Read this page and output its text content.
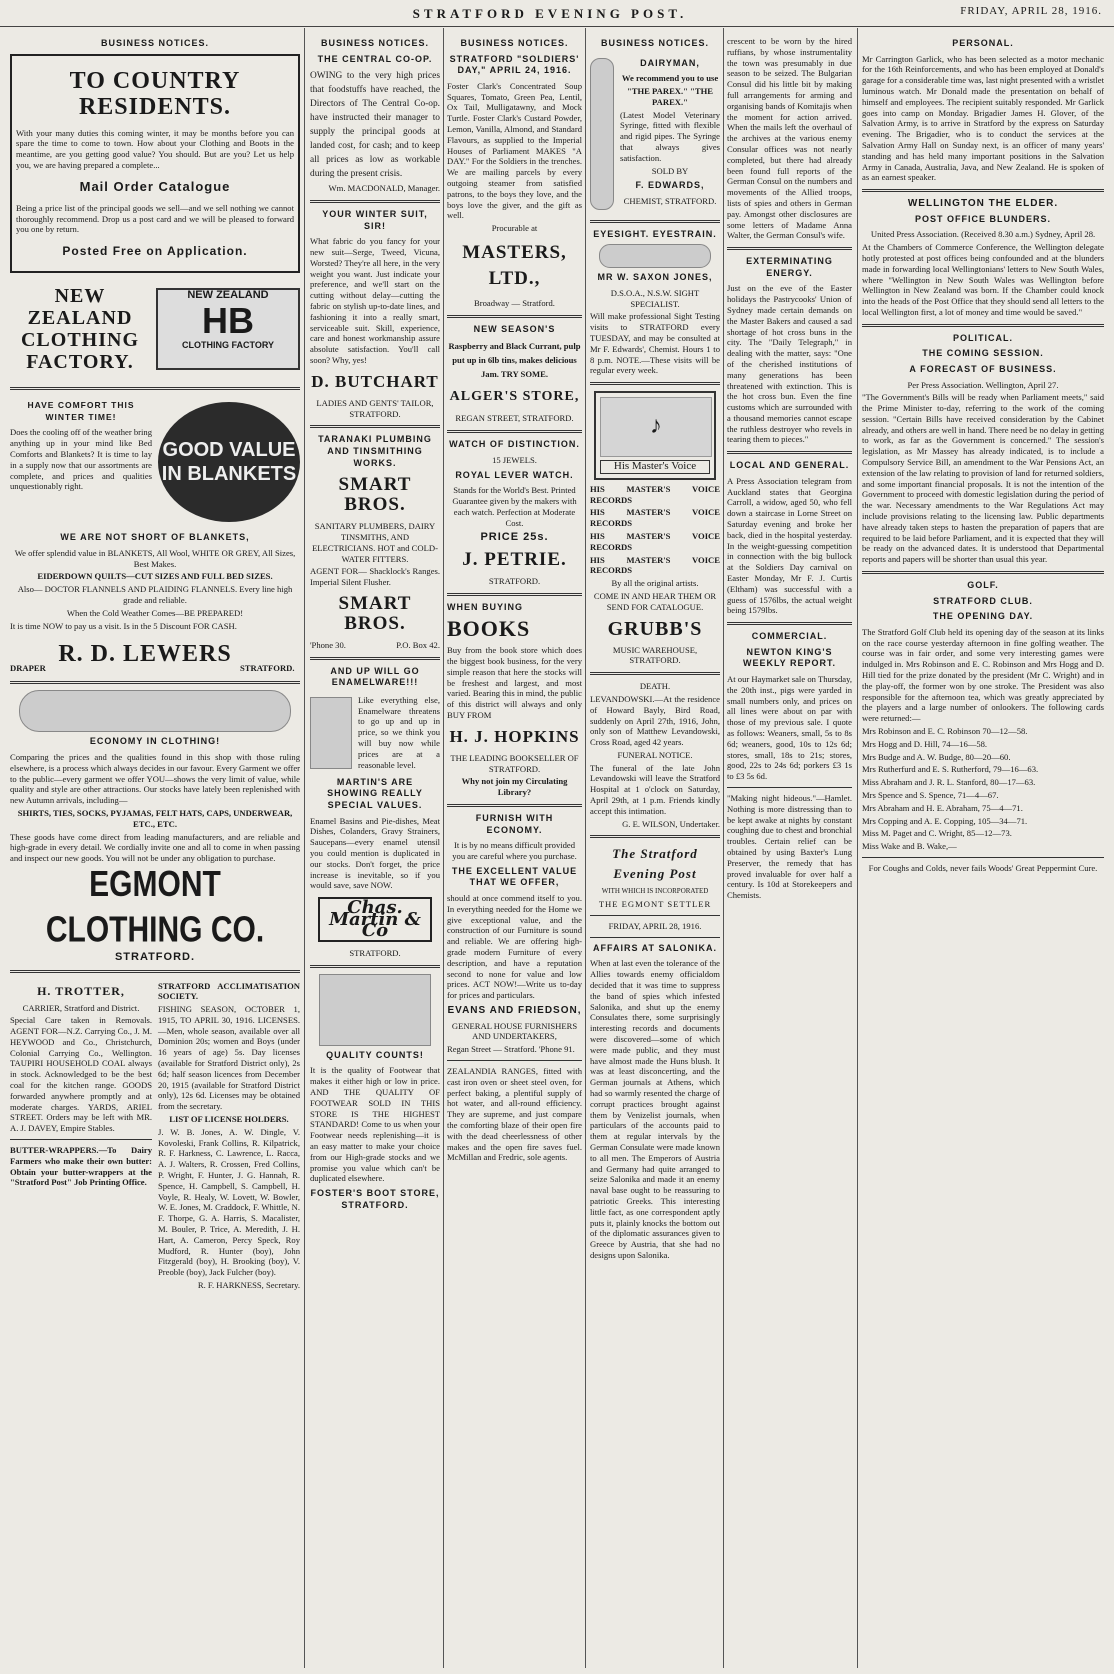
STRATFORD EVENING POST.	FRIDAY, APRIL 28, 1916.
BUSINESS NOTICES.
TO COUNTRY RESIDENTS.
With your many duties this coming winter, it may be months before you can spare the time to come to town. How about your Clothing and Boots in the meantime, are you getting good value? You should. But are you? Let us help you, we are having prepared a complete...
Mail Order Catalogue
Being a price list of the principal goods we sell—and we sell nothing we cannot thoroughly recommend. Drop us a post card and we will be pleased to forward you one by return.
Posted Free on Application.
NEW ZEALAND CLOTHING FACTORY.
NEW ZEALAND
HB
CLOTHING FACTORY
HAVE COMFORT THIS WINTER TIME!
Does the cooling off of the weather bring anything up in your mind like Bed Comforts and Blankets? It is time to lay in a supply now that our assortments are complete, and prices and qualities unquestionably right.
GOOD VALUE IN BLANKETS
WE ARE NOT SHORT OF BLANKETS,
We offer splendid value in BLANKETS, All Wool, WHITE OR GREY, All Sizes, Best Makes.
EIDERDOWN QUILTS—CUT SIZES AND FULL BED SIZES.
Also— DOCTOR FLANNELS AND PLAIDING FLANNELS. Every line high grade and reliable.
When the Cold Weather Comes—BE PREPARED!
It is time NOW to pay us a visit. Is in the 5 Discount FOR CASH.
DRAPER
R. D. LEWERS
STRATFORD.
ECONOMY IN CLOTHING!
Comparing the prices and the qualities found in this shop with those ruling elsewhere, is a process which always decides in our favour. Every Garment we offer to the public—every garment we offer YOU—shows the very limit of value, while quality and style are other attractions. Our stocks have lately been replenished with new Autumn arrivals, including—
SHIRTS, TIES, SOCKS, PYJAMAS, FELT HATS, CAPS, UNDERWEAR, ETC., ETC.
These goods have come direct from leading manufacturers, and are reliable and high-grade in every detail. We cordially invite one and all to come in when passing and inspect our new goods. You will not be under any obligation to purchase.
EGMONT CLOTHING CO.
STRATFORD.
H. TROTTER,
CARRIER, Stratford and District.
Special Care taken in Removals. AGENT FOR—N.Z. Carrying Co., J. M. HEYWOOD and Co., Christchurch, Colonial Carrying Co., Wellington. TAUPIRI HOUSEHOLD COAL always in stock. Acknowledged to be the best coal for the kitchen range. GOODS forwarded anywhere promptly and at moderate charges. YARDS, ARIEL STREET. Orders may be left with MR. A. J. DAVEY, Empire Stables.
BUTTER-WRAPPERS.—To Dairy Farmers who make their own butter: Obtain your butter-wrappers at the "Stratford Post" Job Printing Office.
STRATFORD ACCLIMATISATION SOCIETY.
FISHING SEASON, OCTOBER 1, 1915, TO APRIL 30, 1916. LICENSES.—Men, whole season, available over all Dominion 20s; women and Boys (under 16 years of age) 5s. Day licenses (available for Stratford District only), 2s 6d; half season licences from December 20, 1915 (available for Stratford District only), 12s 6d. Licenses may be obtained from the secretary.
LIST OF LICENSE HOLDERS.
J. W. B. Jones, A. W. Dingle, V. Kovoleski, Frank Collins, R. Kilpatrick, R. F. Harkness, C. Lawrence, L. Racca, A. J. Walters, R. Crossen, Fred Collins, P. Wright, F. Hunter, J. G. Hannah, R. Spence, H. Campbell, S. Campbell, H. Voyle, R. Healy, W. Lovett, W. Bowler, W. E. Jones, M. Craddock, F. Whittle, N. F. Thorpe, G. A. Harris, S. Macalister, M. Bouler, P. Trice, A. Meredith, J. H. Hart, A. Cameron, Percy Speck, Roy Mudford, R. Hunter (boy), John Fitzgerald (boy), H. Brooking (boy), V. Preoble (boy), Jack Fulcher (boy).
R. F. HARKNESS, Secretary.
BUSINESS NOTICES.
THE CENTRAL CO-OP.
OWING to the very high prices that foodstuffs have reached, the Directors of The Central Co-op. have instructed their manager to supply the principal goods at landed cost, for cash; and to keep all prices as low as workable during the present crisis.
Wm. MACDONALD, Manager.
YOUR WINTER SUIT, SIR!
What fabric do you fancy for your new suit—Serge, Tweed, Vicuna, Worsted? They're all here, in the very weight you want. Just indicate your preference, and we'll start on the cutting without delay—cutting the fabric on stylish up-to-date lines, and fashioning it into a really smart, serviceable suit. Skill, experience, care and honest workmanship assure absolute satisfaction. You'll call soon? Why, yes!
D. BUTCHART
LADIES AND GENTS' TAILOR, STRATFORD.
TARANAKI PLUMBING AND TINSMITHING WORKS.
SMART BROS.
SANITARY PLUMBERS, DAIRY TINSMITHS, AND ELECTRICIANS. HOT and COLD-WATER FITTERS.
AGENT FOR— Shacklock's Ranges. Imperial Silent Flusher.
SMART BROS.
'Phone 30.	P.O. Box 42.
AND UP WILL GO ENAMELWARE!!!
Like everything else, Enamelware threatens to go up and up in price, so we think you will buy now while prices are at a reasonable level.
MARTIN'S ARE SHOWING REALLY SPECIAL VALUES.
Enamel Basins and Pie-dishes, Meat Dishes, Colanders, Gravy Strainers, Saucepans—every enamel utensil you could mention is duplicated in our stocks. Don't forget, the price increase is inevitable, so if you would save, save NOW.
Chas. Martin & Co
STRATFORD.
QUALITY COUNTS!
It is the quality of Footwear that makes it either high or low in price. AND THE QUALITY OF FOOTWEAR SOLD IN THIS STORE IS THE HIGHEST STANDARD! Come to us when your Footwear needs replenishing—it is an easy matter to make your choice from our High-grade stocks and we promise you value which can't be duplicated elsewhere.
FOSTER'S BOOT STORE, STRATFORD.
BUSINESS NOTICES.
STRATFORD "SOLDIERS' DAY," APRIL 24, 1916.
Foster Clark's Concentrated Soup Squares, Tomato, Green Pea, Lentil, Ox Tail, Mulligatawny, and Mock Turtle. Foster Clark's Custard Powder, Lemon, Vanilla, Almond, and Standard Flavours, as supplied to the Imperial Houses of Parliament MAKES "A DAY." For the Soldiers in the trenches. We are mailing parcels by every outgoing steamer from satisfied patrons, to the boys they love, and the boys love the giver, and the gift as well.
Procurable at
MASTERS, LTD.,
Broadway — Stratford.
NEW SEASON'S
Raspberry and Black Currant, pulp put up in 6lb tins, makes delicious Jam. TRY SOME.
ALGER'S STORE,
REGAN STREET, STRATFORD.
WATCH OF DISTINCTION.
15 JEWELS.
ROYAL LEVER WATCH.
Stands for the World's Best. Printed Guarantee given by the makers with each watch. Perfection at Moderate Cost.
PRICE 25s.
J. PETRIE.
STRATFORD.
WHEN BUYING
BOOKS
Buy from the book store which does the biggest book business, for the very simple reason that here the stocks will be freshest and largest, and most varied. Bearing this in mind, the public of this district will always and only BUY FROM
H. J. HOPKINS
THE LEADING BOOKSELLER OF STRATFORD.
Why not join my Circulating Library?
FURNISH WITH ECONOMY.
It is by no means difficult provided you are careful where you purchase.
THE EXCELLENT VALUE THAT WE OFFER,
should at once commend itself to you. In everything needed for the Home we give exceptional value, and the construction of our Furniture is sound and reliable. We are offering high-grade modern Furniture of every description, and have a reputation second to none for value and low prices. ACT NOW!—Write us to-day for prices and particulars.
EVANS AND FRIEDSON,
GENERAL HOUSE FURNISHERS AND UNDERTAKERS,
Regan Street — Stratford. 'Phone 91.
ZEALANDIA RANGES, fitted with cast iron oven or sheet steel oven, for perfect baking, a plentiful supply of hot water, and all-round efficiency. They are supreme, and just compare the comforting blaze of their open fire with the dead cheerlessness of other makes and the open fire saves fuel. McMillan and Fredric, sole agents.
BUSINESS NOTICES.
DAIRYMAN,
We recommend you to use
"THE PAREX." "THE PAREX."
(Latest Model Veterinary Syringe, fitted with flexible and rigid pipes. The Syringe that always gives satisfaction.
SOLD BY
F. EDWARDS,
CHEMIST, STRATFORD.
EYESIGHT. EYESTRAIN.
MR W. SAXON JONES,
D.S.O.A., N.S.W. SIGHT SPECIALIST.
Will make professional Sight Testing visits to STRATFORD every TUESDAY, and may be consulted at Mr F. Edwards', Chemist. Hours 1 to 8 p.m. NOTE.—These visits will be regular every week.
♪
His Master's Voice
HIS MASTER'S VOICE RECORDS
HIS MASTER'S VOICE RECORDS
HIS MASTER'S VOICE RECORDS
HIS MASTER'S VOICE RECORDS
By all the original artists.
COME IN AND HEAR THEM OR SEND FOR CATALOGUE.
GRUBB'S
MUSIC WAREHOUSE, STRATFORD.
DEATH.
LEVANDOWSKI.—At the residence of Howard Bayly, Bird Road, suddenly on April 27th, 1916, John, only son of Matthew Levandowski, Cross Road, aged 42 years.
FUNERAL NOTICE.
The funeral of the late John Levandowski will leave the Stratford Hospital at 1 o'clock on Saturday, April 29th, at 1 p.m. Friends kindly accept this intimation.
G. E. WILSON, Undertaker.
The Stratford Evening Post
WITH WHICH IS INCORPORATED
THE EGMONT SETTLER
FRIDAY, APRIL 28, 1916.
AFFAIRS AT SALONIKA.
When at last even the tolerance of the Allies towards enemy officialdom decided that it was time to suppress the band of spies which infested Salonika, and shut up the enemy Consulates there, some surprisingly interesting records and documents were discovered—some of which were made public, and they must have almost made the Huns blush. It was at least disconcerting, and the German journals at Athens, which had so warmly resented the charge of corrupt practices brought against them by Venizelist journals, when particulars of the accounts paid to them at regular intervals by the German Consulate were made known to all men. The Emperors of Austria and Germany had quite arranged to seize Salonika and made it an enemy naval base ought to be reassuring to patriotic Greeks. This interesting little fact, as one correspondent aptly puts it, plainly knocks the bottom out of the diplomatic assurances given to Greece by Austria, that she had no designs upon Salonika.
crescent to be worn by the hired ruffians, by whose instrumentality the town was presumably in due season to be seized. The Bulgarian Consul did his little bit by making full arrangements for arming and organising bands of Komitajis when the moment for action arrived. When the mails left the overhaul of the archives at the various enemy Consular offices was not nearly completed, but there had already been found full reports of the German Consul on the numbers and movements of the Allied troops, lists of spies and others in German pay. Amongst other disclosures are some letters of Madame Anna Walter, the German Consul's wife.
EXTERMINATING ENERGY.
Just on the eve of the Easter holidays the Pastrycooks' Union of Sydney made certain demands on the Master Bakers and caused a sad shortage of hot cross buns in the city. The "Daily Telegraph," in dealing with the matter, says: "One of the cherished institutions of many generations has been threatened with extinction. This is the hot cross bun. Even the fine customs which are surrounded with a thousand memories cannot escape the ruthless destroyer who revels in tearing them to pieces."
LOCAL AND GENERAL.
A Press Association telegram from Auckland states that Georgina Carroll, a widow, aged 50, who fell down a staircase in Lorne Street on Saturday evening and broke her back, died in the hospital yesterday. In the weight-guessing competition in connection with the big bullock at the Soldiers Day carnival on Easter Monday, Mr F. J. Curtis (Eltham) was successful with a guess of 1576lbs, the actual weight being 1579lbs.
COMMERCIAL.
NEWTON KING'S WEEKLY REPORT.
At our Haymarket sale on Thursday, the 20th inst., pigs were yarded in small numbers only, and prices on all lines were about on par with those of my previous sale. I quote as follows: Weaners, small, 5s to 8s 6d; weaners, good, 10s to 12s 6d; stores, small, 18s to 21s; stores, good, 22s to 24s 6d; porkers £3 1s to £3 5s 6d.
"Making night hideous."—Hamlet. Nothing is more distressing than to be kept awake at nights by constant coughing due to chest and bronchial troubles. Certain relief can be obtained by using Baxter's Lung Preserver, the remedy that has proved invaluable for over half a century. Is 10d at Storekeepers and Chemists.
PERSONAL.
Mr Carrington Garlick, who has been selected as a motor mechanic for the 16th Reinforcements, and who has been employed at Donald's garage for a considerable time was, last night presented with a wristlet luminous watch. Mr Donald made the presentation on behalf of himself and employees. The recipient suitably responded. Mr Garlick goes into camp on Monday. Brigadier James H. Glover, of the Salvation Army, is to arrive in Stratford by the express on Saturday evening. The Brigadier, who is to conduct the services at the Salvation Army Hall on Sunday next, is an officer of many years' standing and has held many important positions in the Salvation Army in Canada, Australia, Java, and New Zealand. He is spoken of as an earnest speaker.
WELLINGTON THE ELDER.
POST OFFICE BLUNDERS.
United Press Association. (Received 8.30 a.m.) Sydney, April 28.
At the Chambers of Commerce Conference, the Wellington delegate hotly protested at post offices being confounded and at the blunders made in forwarding local Wellingtonians' letters to New South Wales, where "Wellington in New South Wales was Wellington before Wellington in New Zealand was born. If the Chamber could knock into the heads of the Post Office that they should send all letters to the local Wellington first, a lot of money and time would be saved."
POLITICAL.
THE COMING SESSION.
A FORECAST OF BUSINESS.
Per Press Association. Wellington, April 27.
"The Government's Bills will be ready when Parliament meets," said the Prime Minister to-day, referring to the work of the coming session. "Certain Bills have received consideration by the Cabinet already, and others are well in hand. There need be no delay in getting to work, as far as the Government is concerned." The session's legislation, as Mr Massey has already indicated, is to include a Compulsory Service Bill, an amendment to the War Pensions Act, an extension of the law relating to provision of land for returned soldiers, and some important financial proposals. It is not the intention of the Government to proceed with domestic legislation during the period of the war. Necessary amendments to the War Regulations Act may include provisions relating to the licensing law. Public departments have already taken steps to hasten the preparation of papers that are required to be laid before Parliament, and it is expected that they will be ready on the advanced dates. It is understood that Departmental reports and papers will be shorter than usual this year.
GOLF.
STRATFORD CLUB.
THE OPENING DAY.
The Stratford Golf Club held its opening day of the season at its links on the race course yesterday afternoon in fine golfing weather. The course was in fair order, and some very interesting games were indulged in. Mrs Robinson and E. C. Robinson and Mrs Hogg and D. Hill tied for the prize donated by the president (Mr C. Wright) and in the play-off, the former won by one stroke. The President was also responsible for the afternoon tea, which was greatly appreciated by the players and a large number of onlookers. The following cards were returned:—
Mrs Robinson and E. C. Robinson 70—12—58.
Mrs Hogg and D. Hill, 74—16—58.
Mrs Budge and A. W. Budge, 80—20—60.
Mrs Rutherfurd and E. S. Rutherford, 79—16—63.
Miss Abraham and J. R. L. Stanford, 80—17—63.
Mrs Spence and S. Spence, 71—4—67.
Mrs Abraham and H. E. Abraham, 75—4—71.
Mrs Copping and A. E. Copping, 105—34—71.
Miss M. Paget and C. Wright, 85—12—73.
Miss Wake and B. Wake,—
For Coughs and Colds, never fails Woods' Great Peppermint Cure.
